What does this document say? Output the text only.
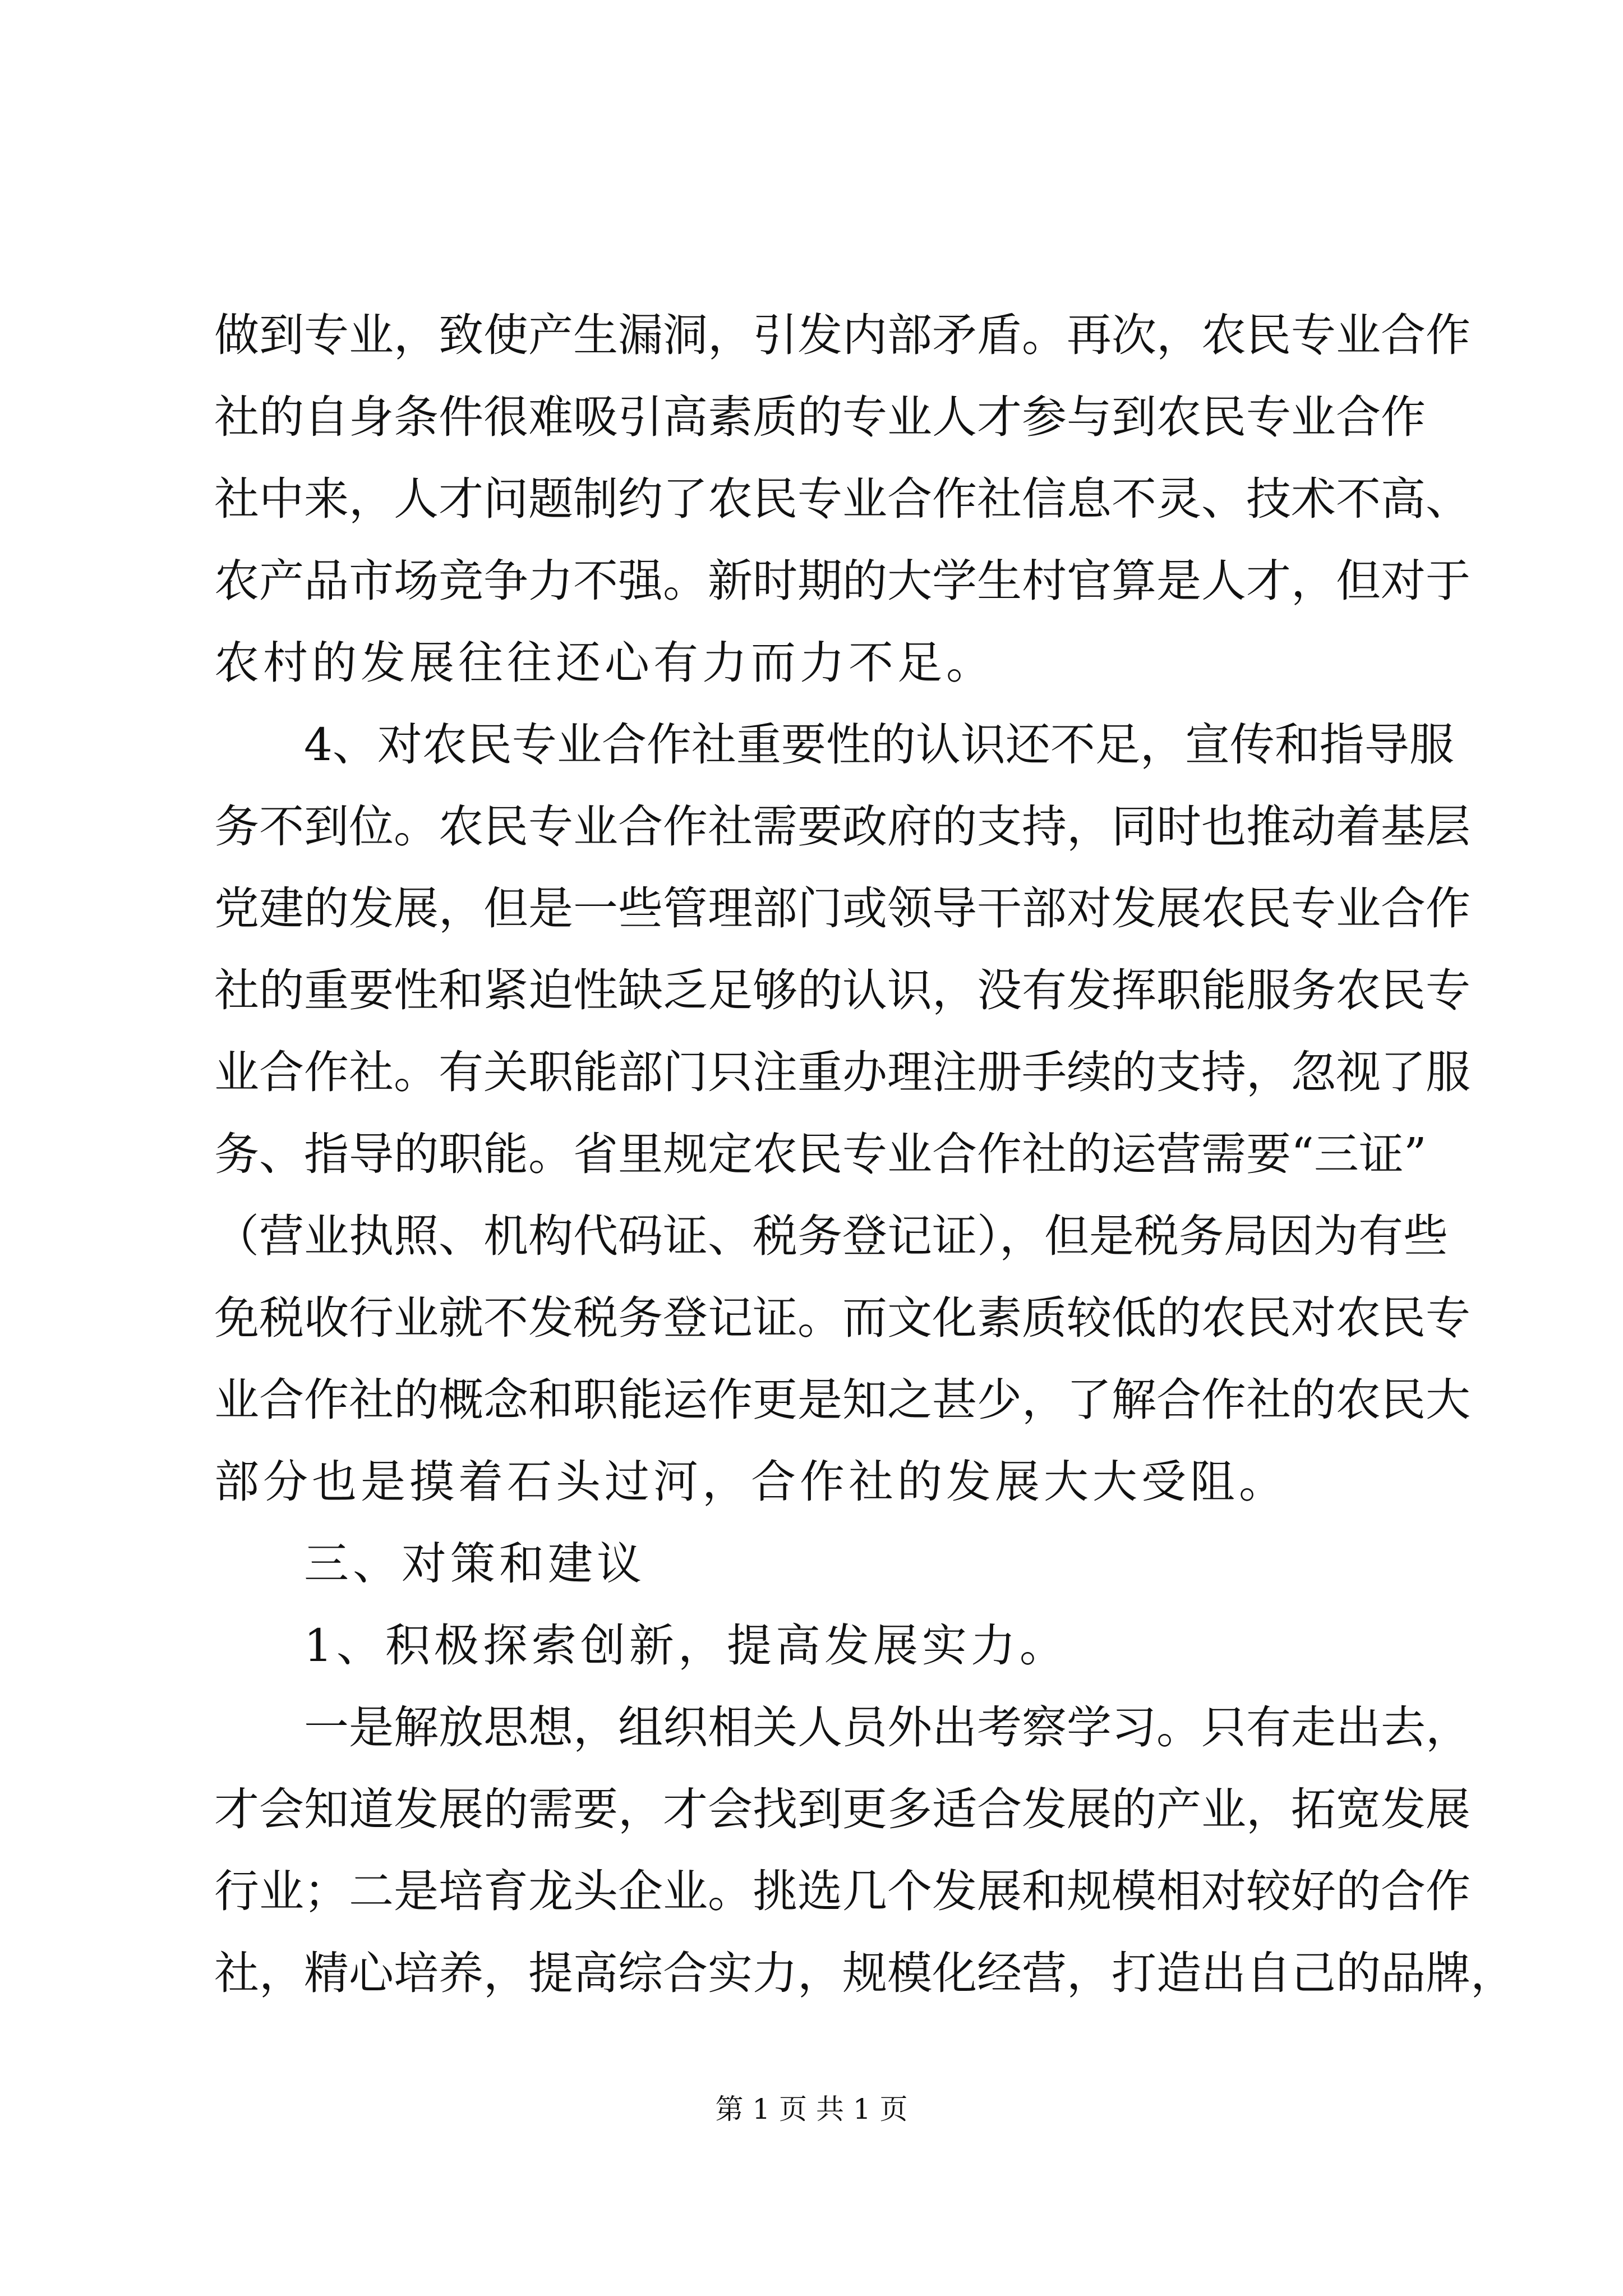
做到专业，致使产生漏洞，引发内部矛盾。再次，农民专业合作
社的自身条件很难吸引高素质的专业人才参与到农民专业合作
社中来，人才问题制约了农民专业合作社信息不灵、技术不高、
农产品市场竞争力不强。新时期的大学生村官算是人才，但对于
农村的发展往往还心有力而力不足。
4、对农民专业合作社重要性的认识还不足，宣传和指导服
务不到位。农民专业合作社需要政府的支持，同时也推动着基层
党建的发展，但是一些管理部门或领导干部对发展农民专业合作
社的重要性和紧迫性缺乏足够的认识，没有发挥职能服务农民专
业合作社。有关职能部门只注重办理注册手续的支持，忽视了服
务、指导的职能。省里规定农民专业合作社的运营需要“三证”
（营业执照、机构代码证、税务登记证），但是税务局因为有些
免税收行业就不发税务登记证。而文化素质较低的农民对农民专
业合作社的概念和职能运作更是知之甚少，了解合作社的农民大
部分也是摸着石头过河，合作社的发展大大受阻。
三、对策和建议
1、积极探索创新，提高发展实力。
一是解放思想，组织相关人员外出考察学习。只有走出去，
才会知道发展的需要，才会找到更多适合发展的产业，拓宽发展
行业；二是培育龙头企业。挑选几个发展和规模相对较好的合作
社，精心培养，提高综合实力，规模化经营，打造出自己的品牌，
第 1 页 共 1 页
